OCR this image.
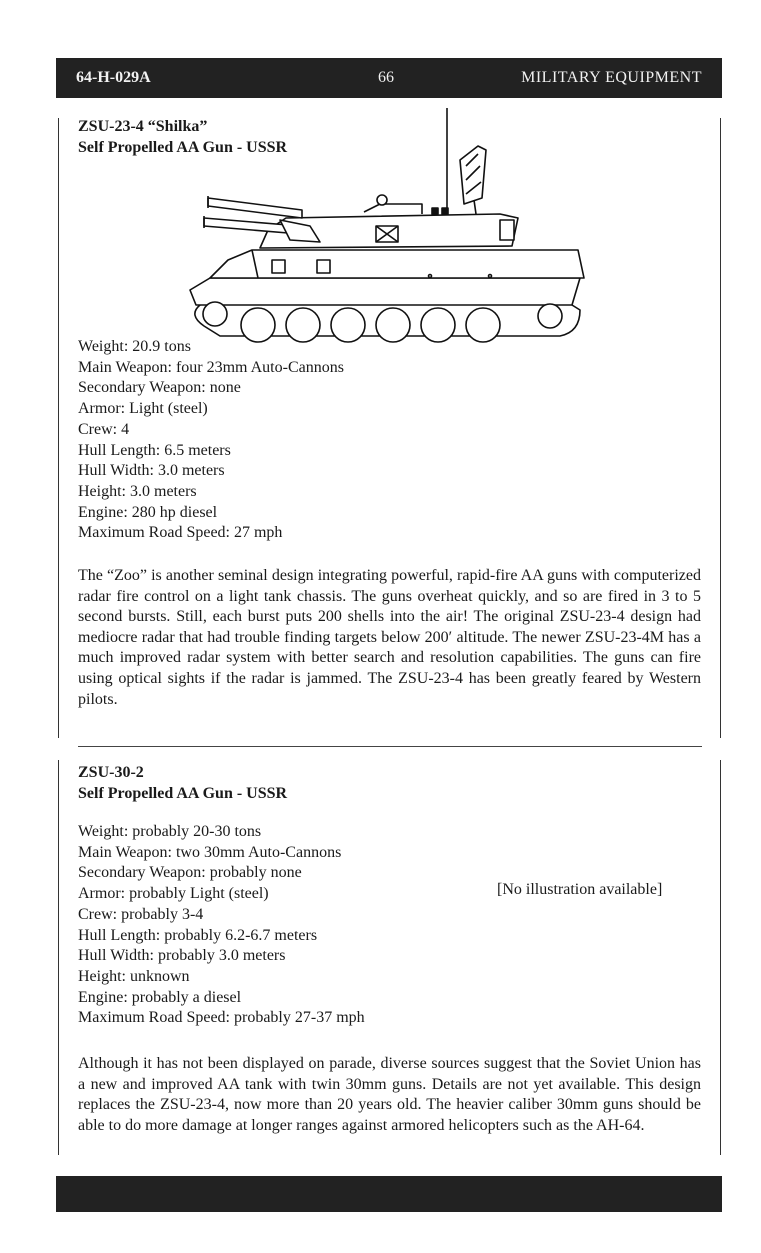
64-H-029A	66	MILITARY EQUIPMENT
ZSU-23-4 “Shilka”
Self Propelled AA Gun - USSR
Weight: 20.9 tons
Main Weapon: four 23mm Auto-Cannons
Secondary Weapon: none
Armor: Light (steel)
Crew: 4
Hull Length: 6.5 meters
Hull Width: 3.0 meters
Height: 3.0 meters
Engine: 280 hp diesel
Maximum Road Speed: 27 mph

The “Zoo” is another seminal design integrating powerful, rapid-fire AA guns with computerized radar fire control on a light tank chassis. The guns overheat quickly, and so are fired in 3 to 5 second bursts. Still, each burst puts 200 shells into the air! The original ZSU-23-4 design had mediocre radar that had trouble finding targets below 200′ altitude. The newer ZSU-23-4M has a much improved radar system with better search and resolution capabilities. The guns can fire using optical sights if the radar is jammed. The ZSU-23-4 has been greatly feared by Western pilots.

ZSU-30-2
Self Propelled AA Gun - USSR
Weight: probably 20-30 tons
Main Weapon: two 30mm Auto-Cannons
Secondary Weapon: probably none
Armor: probably Light (steel)
Crew: probably 3-4
Hull Length: probably 6.2-6.7 meters
Hull Width: probably 3.0 meters
Height: unknown
Engine: probably a diesel
Maximum Road Speed: probably 27-37 mph
[No illustration available]

Although it has not been displayed on parade, diverse sources suggest that the Soviet Union has a new and improved AA tank with twin 30mm guns. Details are not yet available. This design replaces the ZSU-23-4, now more than 20 years old. The heavier caliber 30mm guns should be able to do more damage at longer ranges against armored helicopters such as the AH-64.
